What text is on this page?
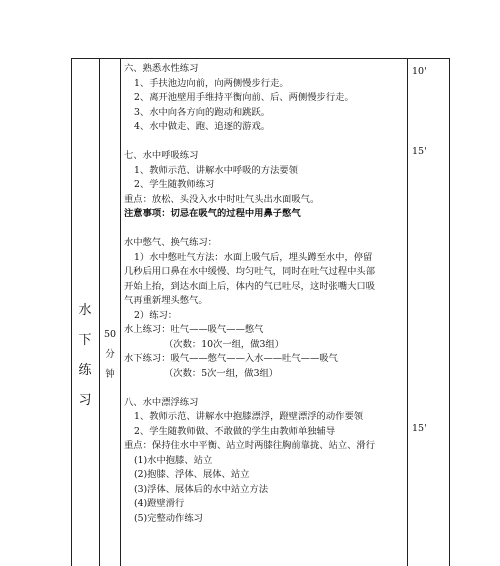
水
下
练
习
50
分
钟
六、熟悉水性练习
1、手扶池边向前，向两侧慢步行走。
2、离开池壁用手维持平衡向前、后、两侧慢步行走。
3、水中向各方向的跑动和跳跃。
4、水中做走、跑、追逐的游戏。
七、水中呼吸练习
1、教师示范、讲解水中呼吸的方法要领
2、学生随教师练习
重点：放松、头没入水中时吐气头出水面吸气。
注意事项：切忌在吸气的过程中用鼻子憋气
水中憋气、换气练习：
1）水中憋吐气方法：水面上吸气后，埋头蹲至水中，停留
几秒后用口鼻在水中缓慢、均匀吐气，同时在吐气过程中头部
开始上抬，到达水面上后，体内的气已吐尽，这时张嘴大口吸
气再重新埋头憋气。
2）练习：
水上练习：吐气——吸气——憋气
（次数：10次一组，做3组）
水下练习：吸气——憋气——入水——吐气——吸气
（次数：5次一组，做3组）
八、水中漂浮练习
1、教师示范、讲解水中抱膝漂浮，蹬壁漂浮的动作要领
2、学生随教师做、不敢做的学生由教师单独辅导
重点：保持住水中平衡、站立时两膝往胸前靠拢、站立、滑行
(1)水中抱膝、站立
(2)抱膝、浮体、展体、站立
(3)浮体、展体后的水中站立方法
(4)蹬壁滑行
(5)完整动作练习
10'
15'
15'
